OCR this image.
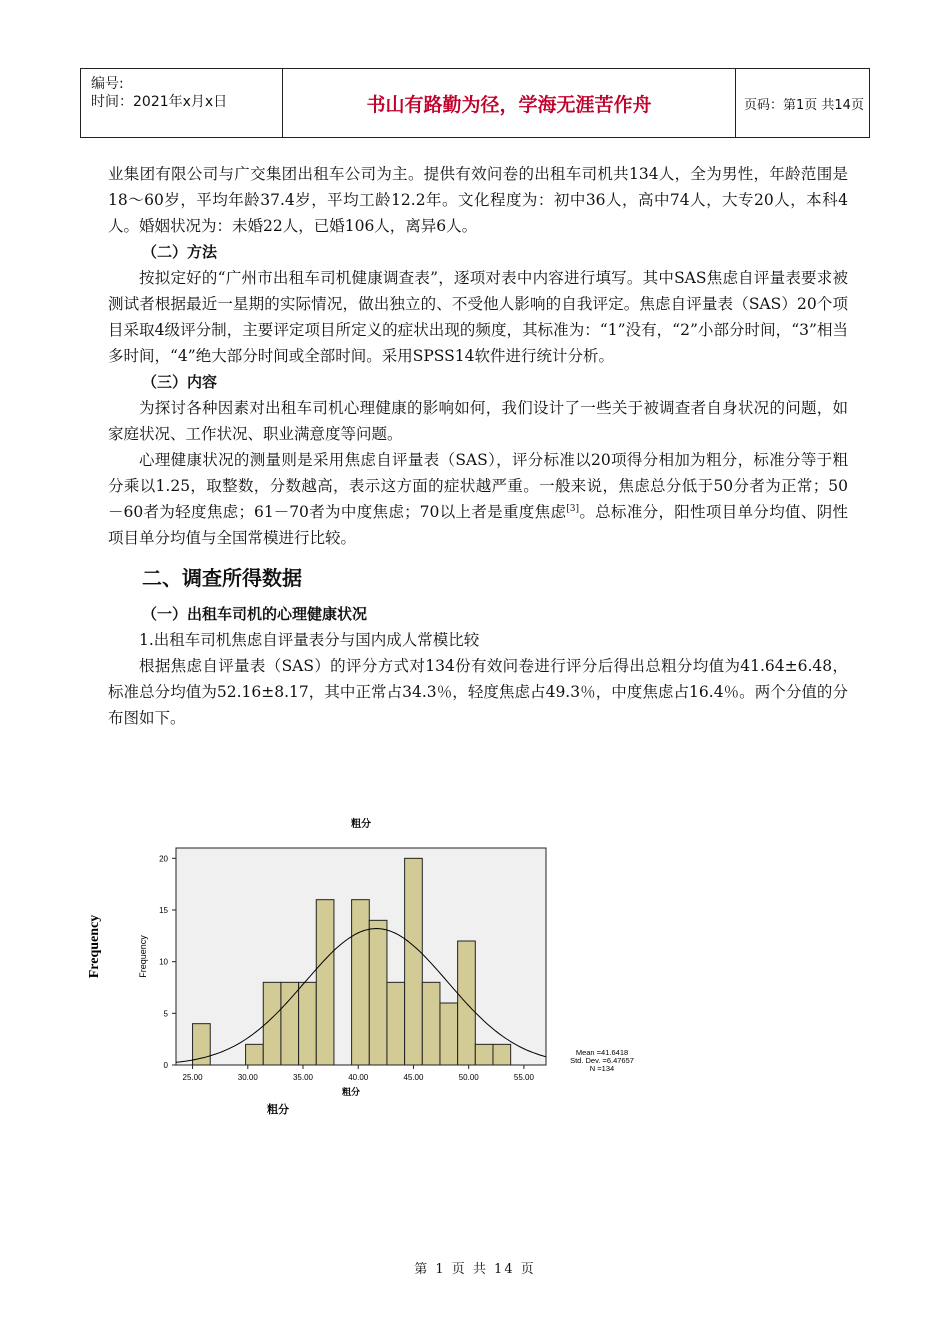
编号:
时间：2021年x月x日	书山有路勤为径，学海无涯苦作舟	页码：第1页 共14页

业集团有限公司与广交集团出租车公司为主。提供有效问卷的出租车司机共134人，全为男性，年龄范围是18～60岁，平均年龄37.4岁，平均工龄12.2年。文化程度为：初中36人，高中74人，大专20人，本科4人。婚姻状况为：未婚22人，已婚106人，离异6人。

（二）方法

按拟定好的“广州市出租车司机健康调查表”，逐项对表中内容进行填写。其中SAS焦虑自评量表要求被测试者根据最近一星期的实际情况，做出独立的、不受他人影响的自我评定。焦虑自评量表（SAS）20个项目采取4级评分制，主要评定项目所定义的症状出现的频度，其标准为：“1”没有，“2”小部分时间，“3”相当多时间，“4”绝大部分时间或全部时间。采用SPSS14软件进行统计分析。

（三）内容

为探讨各种因素对出租车司机心理健康的影响如何，我们设计了一些关于被调查者自身状况的问题，如家庭状况、工作状况、职业满意度等问题。

心理健康状况的测量则是采用焦虑自评量表（SAS），评分标准以20项得分相加为粗分，标准分等于粗分乘以1.25，取整数，分数越高，表示这方面的症状越严重。一般来说，焦虑总分低于50分者为正常；50－60者为轻度焦虑；61－70者为中度焦虑；70以上者是重度焦虑[3]。总标准分，阳性项目单分均值、阴性项目单分均值与全国常模进行比较。

二、调查所得数据

（一）出租车司机的心理健康状况

1.出租车司机焦虑自评量表分与国内成人常模比较

根据焦虑自评量表（SAS）的评分方式对134份有效问卷进行评分后得出总粗分均值为41.64±6.48，标准总分均值为52.16±8.17，其中正常占34.3％，轻度焦虑占49.3％，中度焦虑占16.4％。两个分值的分布图如下。

粗分
0
5
10
15
20
25.00	30.00	35.00	40.00	45.00	50.00	55.00
粗分
Frequency
Frequency
粗分
Mean =41.6418
Std. Dev. =6.47657
N =134
第 1 页 共 14 页
